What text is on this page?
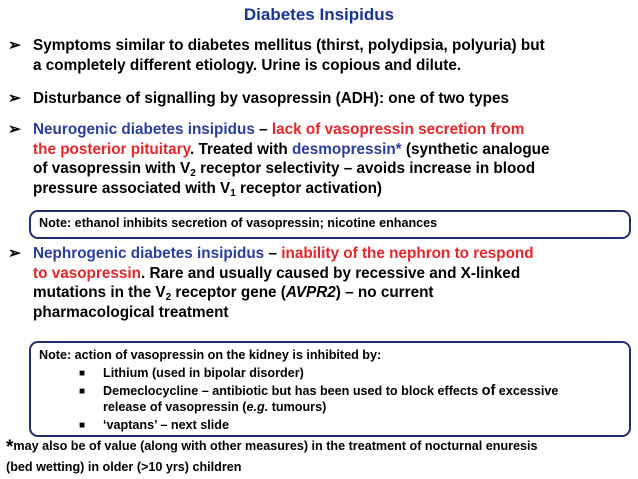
Diabetes Insipidus
➢ Symptoms similar to diabetes mellitus (thirst, polydipsia, polyuria) but
a completely different etiology. Urine is copious and dilute.
➢ Disturbance of signalling by vasopressin (ADH): one of two types
➢ Neurogenic diabetes insipidus – lack of vasopressin secretion from
the posterior pituitary. Treated with desmopressin* (synthetic analogue
of vasopressin with $V_2$ receptor selectivity – avoids increase in blood
pressure associated with $V_1$ receptor activation)
Note: ethanol inhibits secretion of vasopressin; nicotine enhances
➢ Nephrogenic diabetes insipidus – inability of the nephron to respond
to vasopressin. Rare and usually caused by recessive and X-linked
mutations in the $V_2$ receptor gene (AVPR2) – no current
pharmacological treatment
Note: action of vasopressin on the kidney is inhibited by:
■ Lithium (used in bipolar disorder)
■ Demeclocycline – antibiotic but has been used to block effects of excessive
release of vasopressin (e.g. tumours)
■ ‘vaptans’ – next slide
*may also be of value (along with other measures) in the treatment of nocturnal enuresis
(bed wetting) in older (>10 yrs) children
